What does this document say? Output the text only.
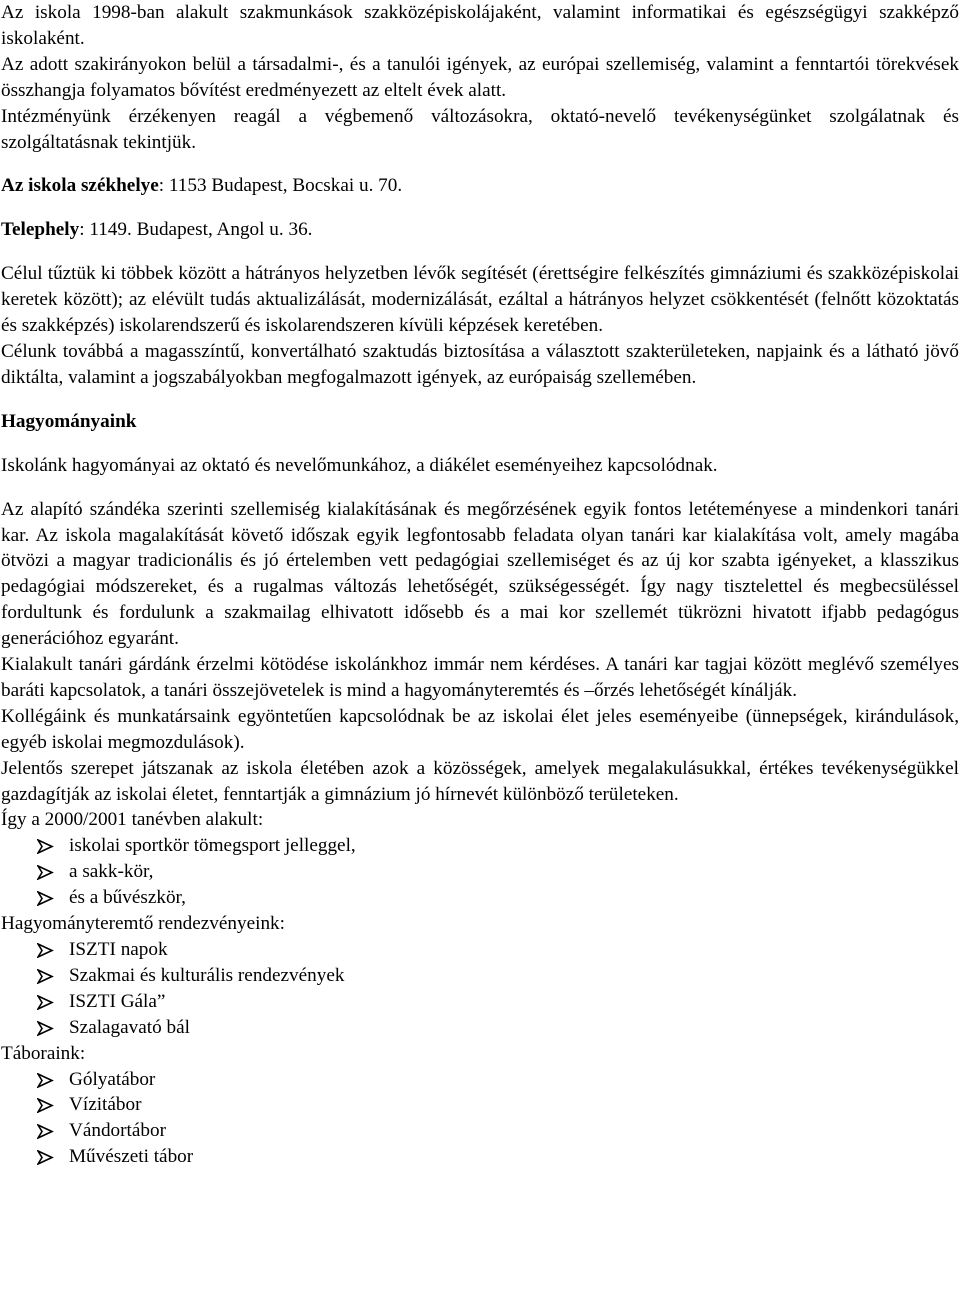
Az iskola 1998-ban alakult szakmunkások szakközépiskolájaként, valamint informatikai és egészségügyi szakképző iskolaként.

Az adott szakirányokon belül a társadalmi-, és a tanulói igények, az európai szellemiség, valamint a fenntartói törekvések összhangja folyamatos bővítést eredményezett az eltelt évek alatt.

Intézményünk érzékenyen reagál a végbemenő változásokra, oktató-nevelő tevékenységünket szolgálatnak és szolgáltatásnak tekintjük.

Az iskola székhelye: 1153 Budapest, Bocskai u. 70.

Telephely: 1149. Budapest, Angol u. 36.

Célul tűztük ki többek között a hátrányos helyzetben lévők segítését (érettségire felkészítés gimnáziumi és szakközépiskolai keretek között); az elévült tudás aktualizálását, modernizálását, ezáltal a hátrányos helyzet csökkentését (felnőtt közoktatás és szakképzés) iskolarendszerű és iskolarendszeren kívüli képzések keretében.

Célunk továbbá a magasszíntű, konvertálható szaktudás biztosítása a választott szakterületeken, napjaink és a látható jövő diktálta, valamint a jogszabályokban megfogalmazott igények, az európaiság szellemében.

Hagyományaink

Iskolánk hagyományai az oktató és nevelőmunkához, a diákélet eseményeihez kapcsolódnak.

Az alapító szándéka szerinti szellemiség kialakításának és megőrzésének egyik fontos letéteményese a mindenkori tanári kar. Az iskola magalakítását követő időszak egyik legfontosabb feladata olyan tanári kar kialakítása volt, amely magába ötvözi a magyar tradicionális és jó értelemben vett pedagógiai szellemiséget és az új kor szabta igényeket, a klasszikus pedagógiai módszereket, és a rugalmas változás lehetőségét, szükségességét. Így nagy tisztelettel és megbecsüléssel fordultunk és fordulunk a szakmailag elhivatott idősebb és a mai kor szellemét tükrözni hivatott ifjabb pedagógus generációhoz egyaránt.

Kialakult tanári gárdánk érzelmi kötödése iskolánkhoz immár nem kérdéses. A tanári kar tagjai között meglévő személyes baráti kapcsolatok, a tanári összejövetelek is mind a hagyományteremtés és –őrzés lehetőségét kínálják.

Kollégáink és munkatársaink egyöntetűen kapcsolódnak be az iskolai élet jeles eseményeibe (ünnepségek, kirándulások, egyéb iskolai megmozdulások).

Jelentős szerepet játszanak az iskola életében azok a közösségek, amelyek megalakulásukkal, értékes tevékenységükkel gazdagítják az iskolai életet, fenntartják a gimnázium jó hírnevét különböző területeken.

Így a 2000/2001 tanévben alakult:

iskolai sportkör tömegsport jelleggel,
a sakk-kör,
és a bűvészkör,

Hagyományteremtő rendezvényeink:

ISZTI napok
Szakmai és kulturális rendezvények
ISZTI Gála”
Szalagavató bál

Táboraink:

Gólyatábor
Vízitábor
Vándortábor
Művészeti tábor
